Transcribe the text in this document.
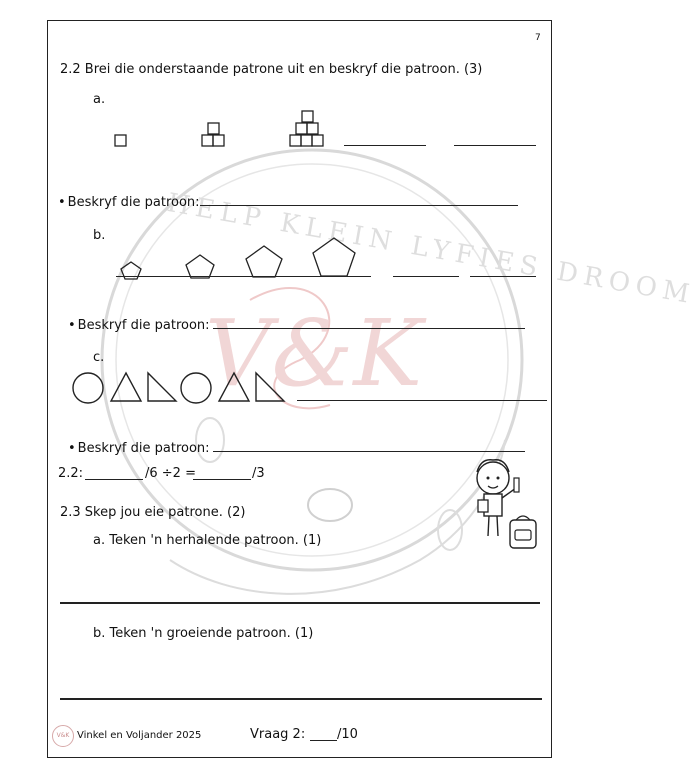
V&K
HELP KLEIN LYFIES DROOM
7
2.2 Brei die onderstaande patrone uit en beskryf die patroon. (3)
a.
• Beskryf die patroon:
b.
• Beskryf die patroon:
c.
• Beskryf die patroon:
2.2:	/6 ÷2 =	/3
2.3 Skep jou eie patrone. (2)
a. Teken 'n herhalende patroon. (1)
b. Teken 'n groeiende patroon. (1)
V&K Vinkel en Voljander 2025	Vraag 2: /10
